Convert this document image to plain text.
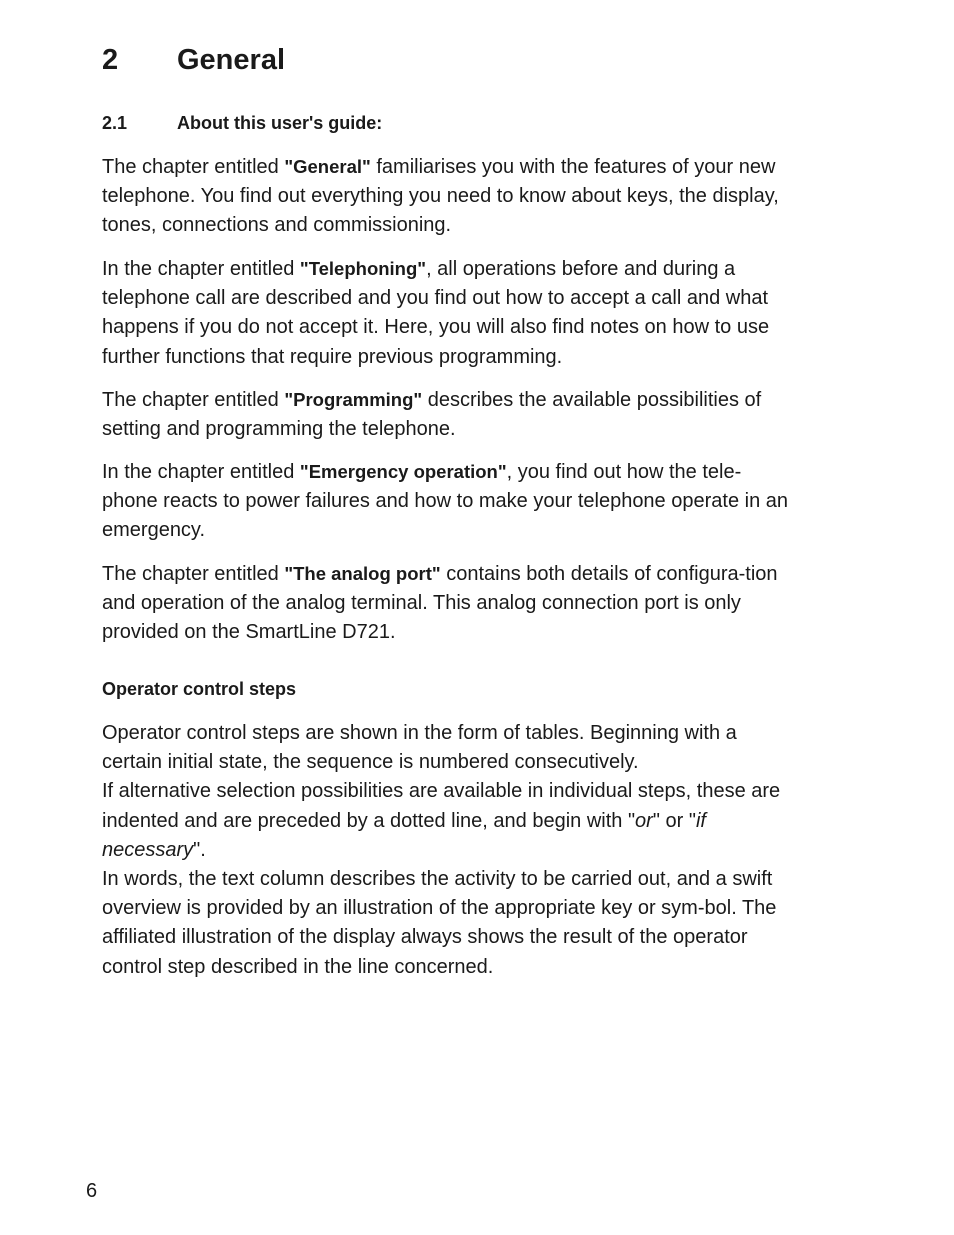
2 General
2.1	About this user's guide:
The chapter entitled "General" familiarises you with the features of your new telephone. You find out everything you need to know about keys, the display, tones, connections and commissioning.
In the chapter entitled "Telephoning", all operations before and during a telephone call are described and you find out how to accept a call and what happens if you do not accept it. Here, you will also find notes on how to use further functions that require previous programming.
The chapter entitled "Programming" describes the available possibilities of setting and programming the telephone.
In the chapter entitled "Emergency operation", you find out how the tele-phone reacts to power failures and how to make your telephone operate in an emergency.
The chapter entitled "The analog port" contains both details of configura-tion and operation of the analog terminal. This analog connection port is only provided on the SmartLine D721.
Operator control steps
Operator control steps are shown in the form of tables. Beginning with a certain initial state, the sequence is numbered consecutively.
If alternative selection possibilities are available in individual steps, these are indented and are preceded by a dotted line, and begin with "or" or "if necessary".
In words, the text column describes the activity to be carried out, and a swift overview is provided by an illustration of the appropriate key or sym-bol. The affiliated illustration of the display always shows the result of the operator control step described in the line concerned.
6
